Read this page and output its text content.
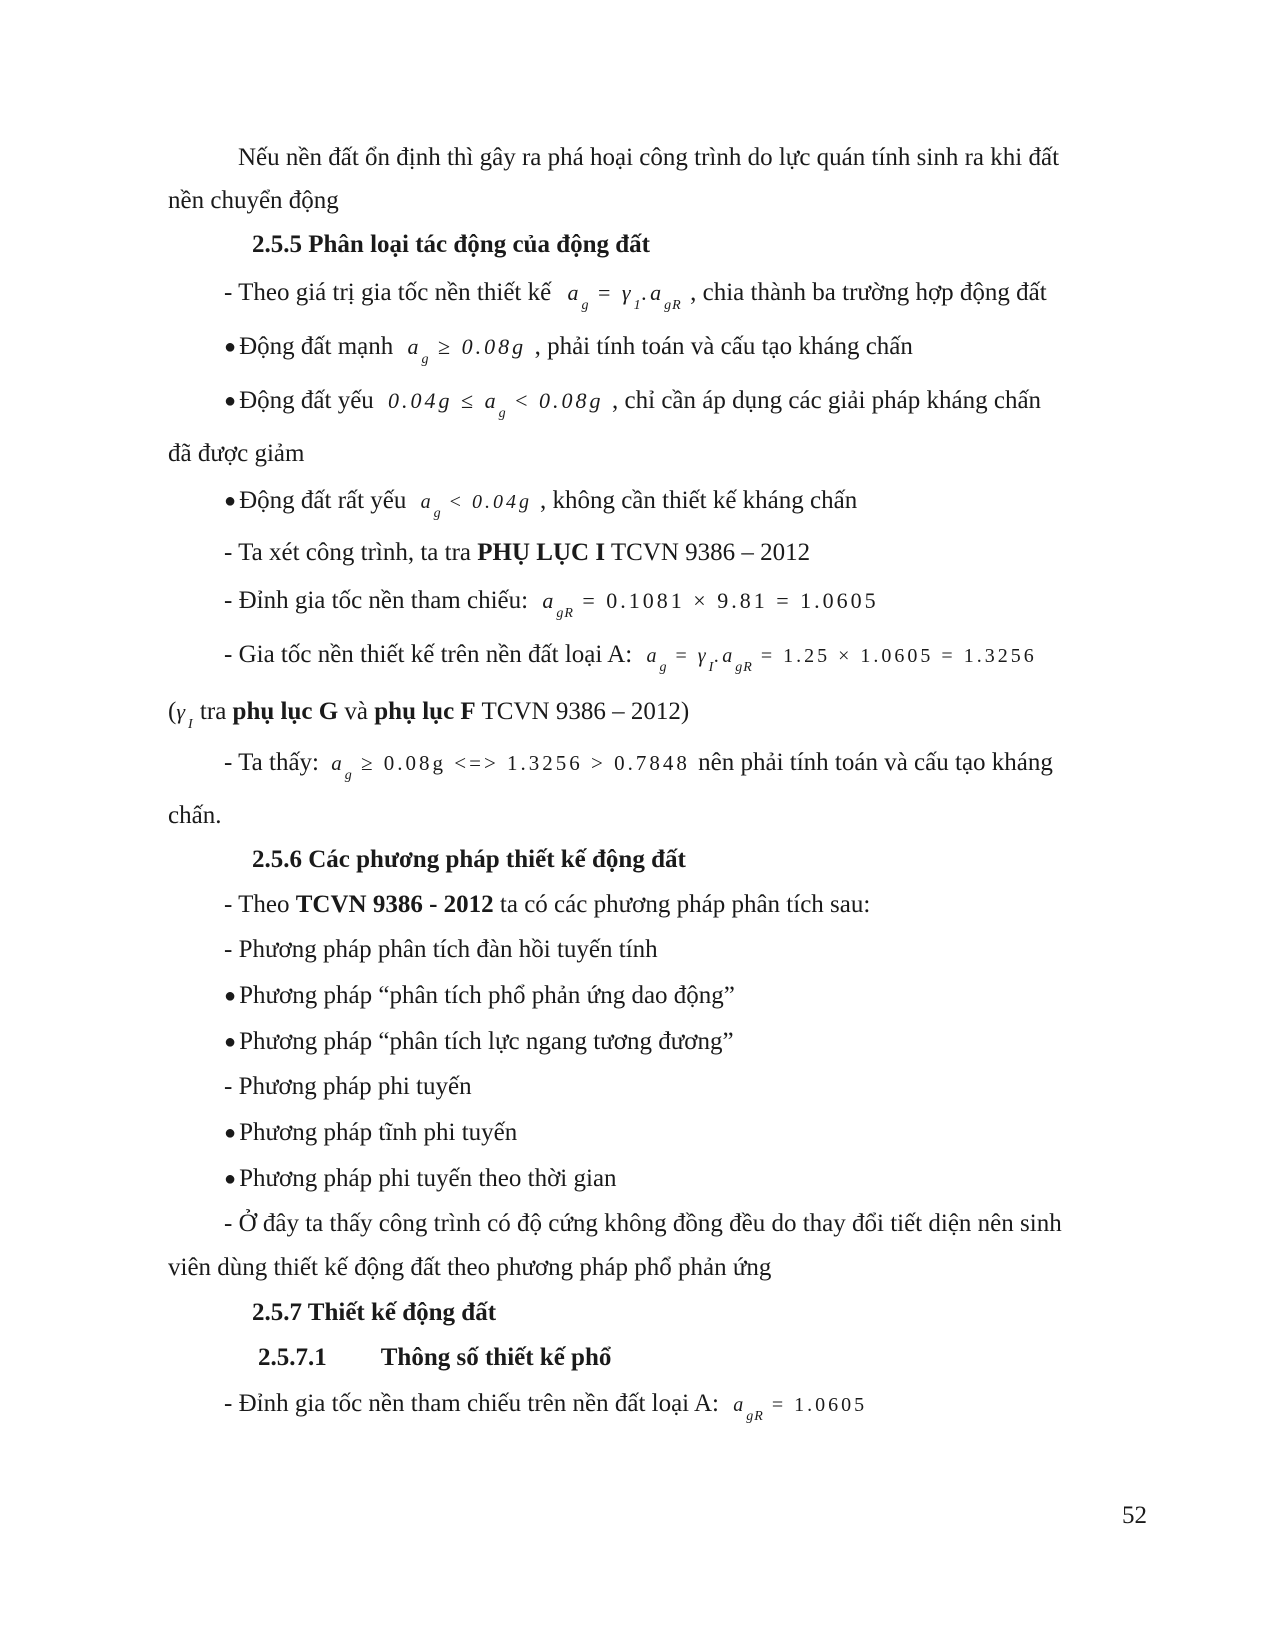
Nếu nền đất ổn định thì gây ra phá hoại công trình do lực quán tính sinh ra khi đất
nền chuyển động
2.5.5 Phân loại tác động của động đất
- Theo giá trị gia tốc nền thiết kế $a_g = \gamma_1.a_{gR}$ , chia thành ba trường hợp động đất
● Động đất mạnh $a_g \ge 0.08g$ , phải tính toán và cấu tạo kháng chấn
● Động đất yếu $0.04g \le a_g < 0.08g$ , chỉ cần áp dụng các giải pháp kháng chấn
đã được giảm
● Động đất rất yếu $a_g < 0.04g$ , không cần thiết kế kháng chấn
- Ta xét công trình, ta tra PHỤ LỤC I TCVN 9386 – 2012
- Đỉnh gia tốc nền tham chiếu: $a_{gR} = 0.1081 \times 9.81 = 1.0605$
- Gia tốc nền thiết kế trên nền đất loại A: $a_g = \gamma_I.a_{gR} = 1.25 \times 1.0605 = 1.3256$
($\gamma_I$ tra phụ lục G và phụ lục F TCVN 9386 – 2012)
- Ta thấy: $a_g \ge 0.08g$ <=> 1.3256 > 0.7848 nên phải tính toán và cấu tạo kháng
chấn.
2.5.6 Các phương pháp thiết kế động đất
- Theo TCVN 9386 - 2012 ta có các phương pháp phân tích sau:
- Phương pháp phân tích đàn hồi tuyến tính
● Phương pháp “phân tích phổ phản ứng dao động”
● Phương pháp “phân tích lực ngang tương đương”
- Phương pháp phi tuyến
● Phương pháp tĩnh phi tuyến
● Phương pháp phi tuyến theo thời gian
- Ở đây ta thấy công trình có độ cứng không đồng đều do thay đổi tiết diện nên sinh
viên dùng thiết kế động đất theo phương pháp phổ phản ứng
2.5.7 Thiết kế động đất
2.5.7.1 Thông số thiết kế phổ
- Đỉnh gia tốc nền tham chiếu trên nền đất loại A: $a_{gR} = 1.0605$
52
